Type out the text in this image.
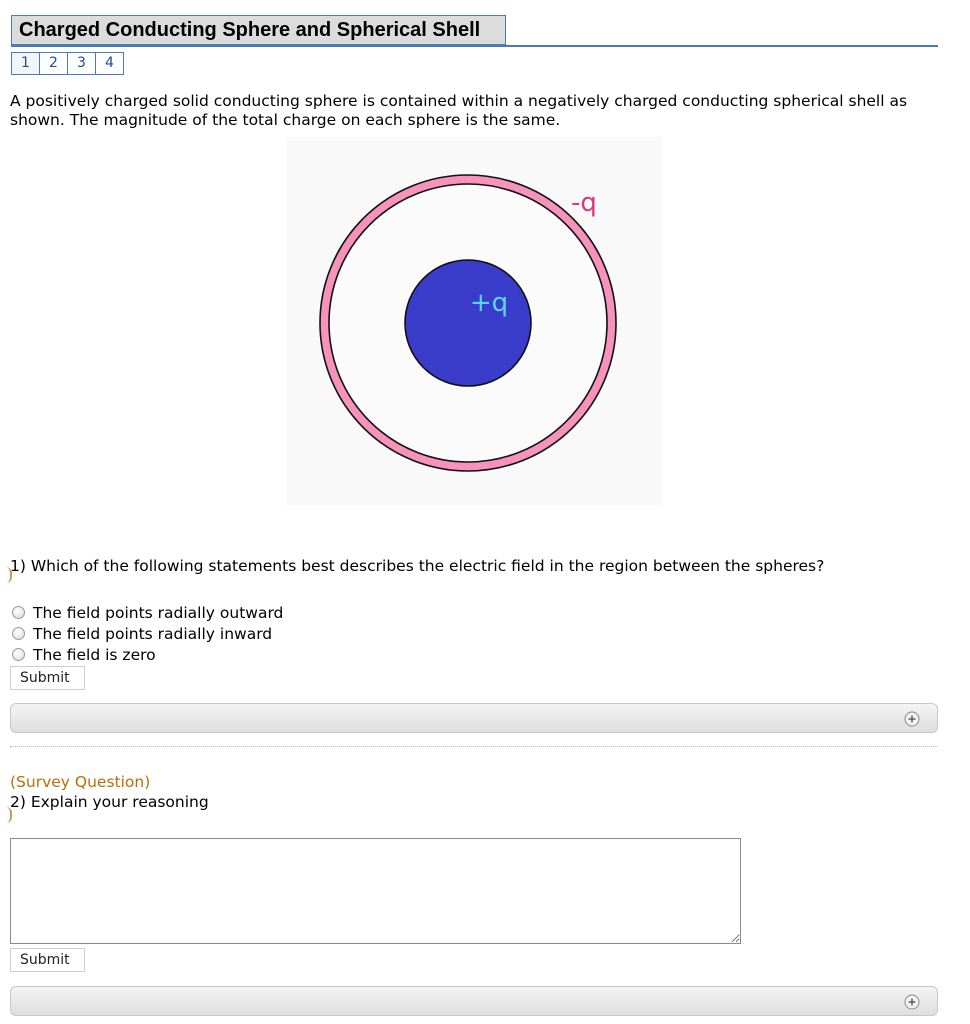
Charged Conducting Sphere and Spherical Shell
1	2	3	4
A positively charged solid conducting sphere is contained within a negatively charged conducting spherical shell as shown. The magnitude of the total charge on each sphere is the same.
+q
-q
1) Which of the following statements best describes the electric field in the region between the spheres?
The field points radially outward
The field points radially inward
The field is zero
Submit
(Survey Question)
2) Explain your reasoning
Submit
